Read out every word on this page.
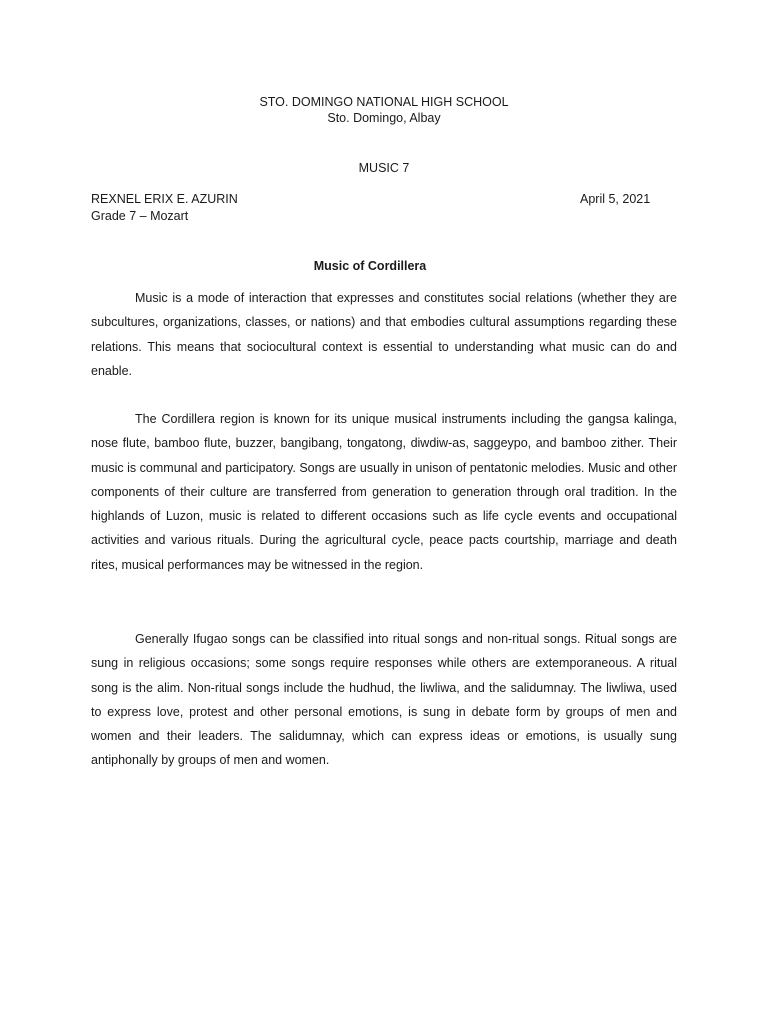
STO. DOMINGO NATIONAL HIGH SCHOOL
Sto. Domingo, Albay
MUSIC 7
REXNEL ERIX E. AZURIN	April 5, 2021
Grade 7 – Mozart
Music of Cordillera

Music is a mode of interaction that expresses and constitutes social relations (whether they are subcultures, organizations, classes, or nations) and that embodies cultural assumptions regarding these relations. This means that sociocultural context is essential to understanding what music can do and enable.

The Cordillera region is known for its unique musical instruments including the gangsa kalinga, nose flute, bamboo flute, buzzer, bangibang, tongatong, diwdiw-as, saggeypo, and bamboo zither. Their music is communal and participatory. Songs are usually in unison of pentatonic melodies. Music and other components of their culture are transferred from generation to generation through oral tradition. In the highlands of Luzon, music is related to different occasions such as life cycle events and occupational activities and various rituals. During the agricultural cycle, peace pacts courtship, marriage and death rites, musical performances may be witnessed in the region.

Generally Ifugao songs can be classified into ritual songs and non-ritual songs. Ritual songs are sung in religious occasions; some songs require responses while others are extemporaneous. A ritual song is the alim. Non-ritual songs include the hudhud, the liwliwa, and the salidumnay. The liwliwa, used to express love, protest and other personal emotions, is sung in debate form by groups of men and women and their leaders. The salidumnay, which can express ideas or emotions, is usually sung antiphonally by groups of men and women.
